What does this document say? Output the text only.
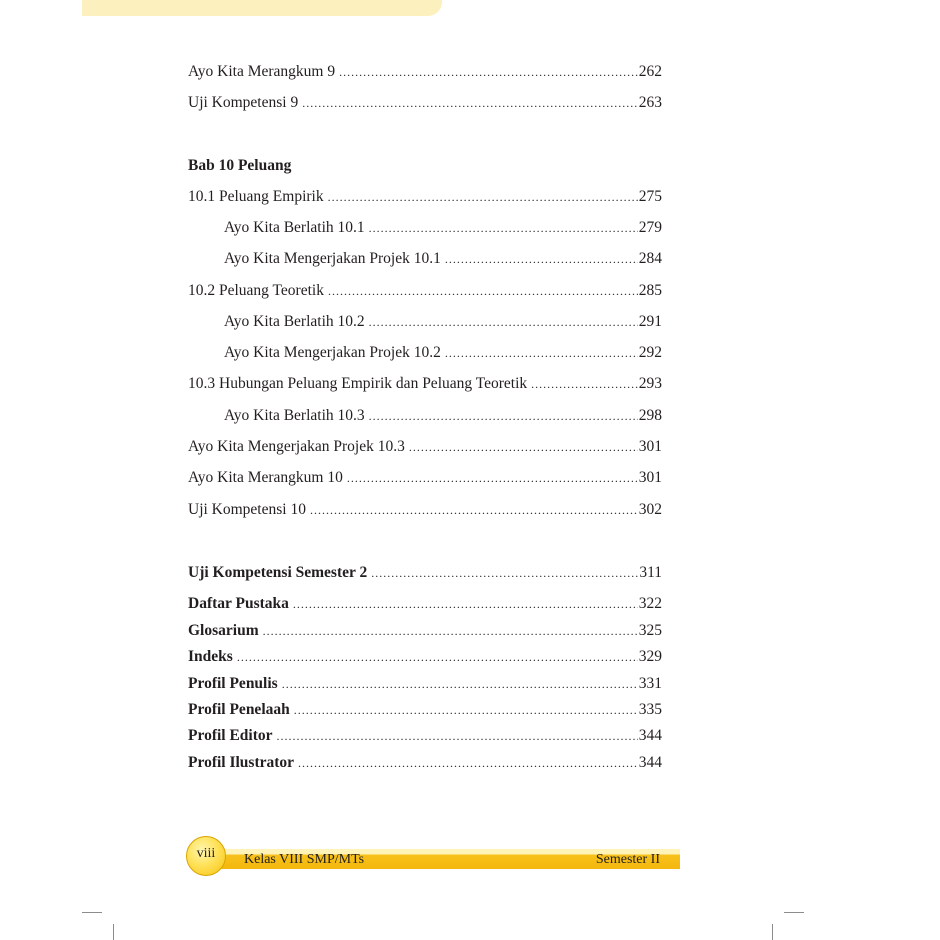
Ayo Kita Merangkum 9 .....	262
Uji Kompetensi 9 .....	263
Bab 10 Peluang
10.1 Peluang Empirik .....	275
Ayo Kita Berlatih 10.1 .....	279
Ayo Kita Mengerjakan Projek 10.1 .....	284
10.2 Peluang Teoretik .....	285
Ayo Kita Berlatih 10.2 .....	291
Ayo Kita Mengerjakan Projek 10.2 .....	292
10.3 Hubungan Peluang Empirik dan Peluang Teoretik .....	293
Ayo Kita Berlatih 10.3 .....	298
Ayo Kita Mengerjakan Projek 10.3 .....	301
Ayo Kita Merangkum 10 .....	301
Uji Kompetensi 10 .....	302
Uji Kompetensi Semester 2 .....	311
Daftar Pustaka .....	322
Glosarium .....	325
Indeks .....	329
Profil Penulis .....	331
Profil Penelaah .....	335
Profil Editor .....	344
Profil Ilustrator .....	344
viii Kelas VIII SMP/MTs	Semester II
